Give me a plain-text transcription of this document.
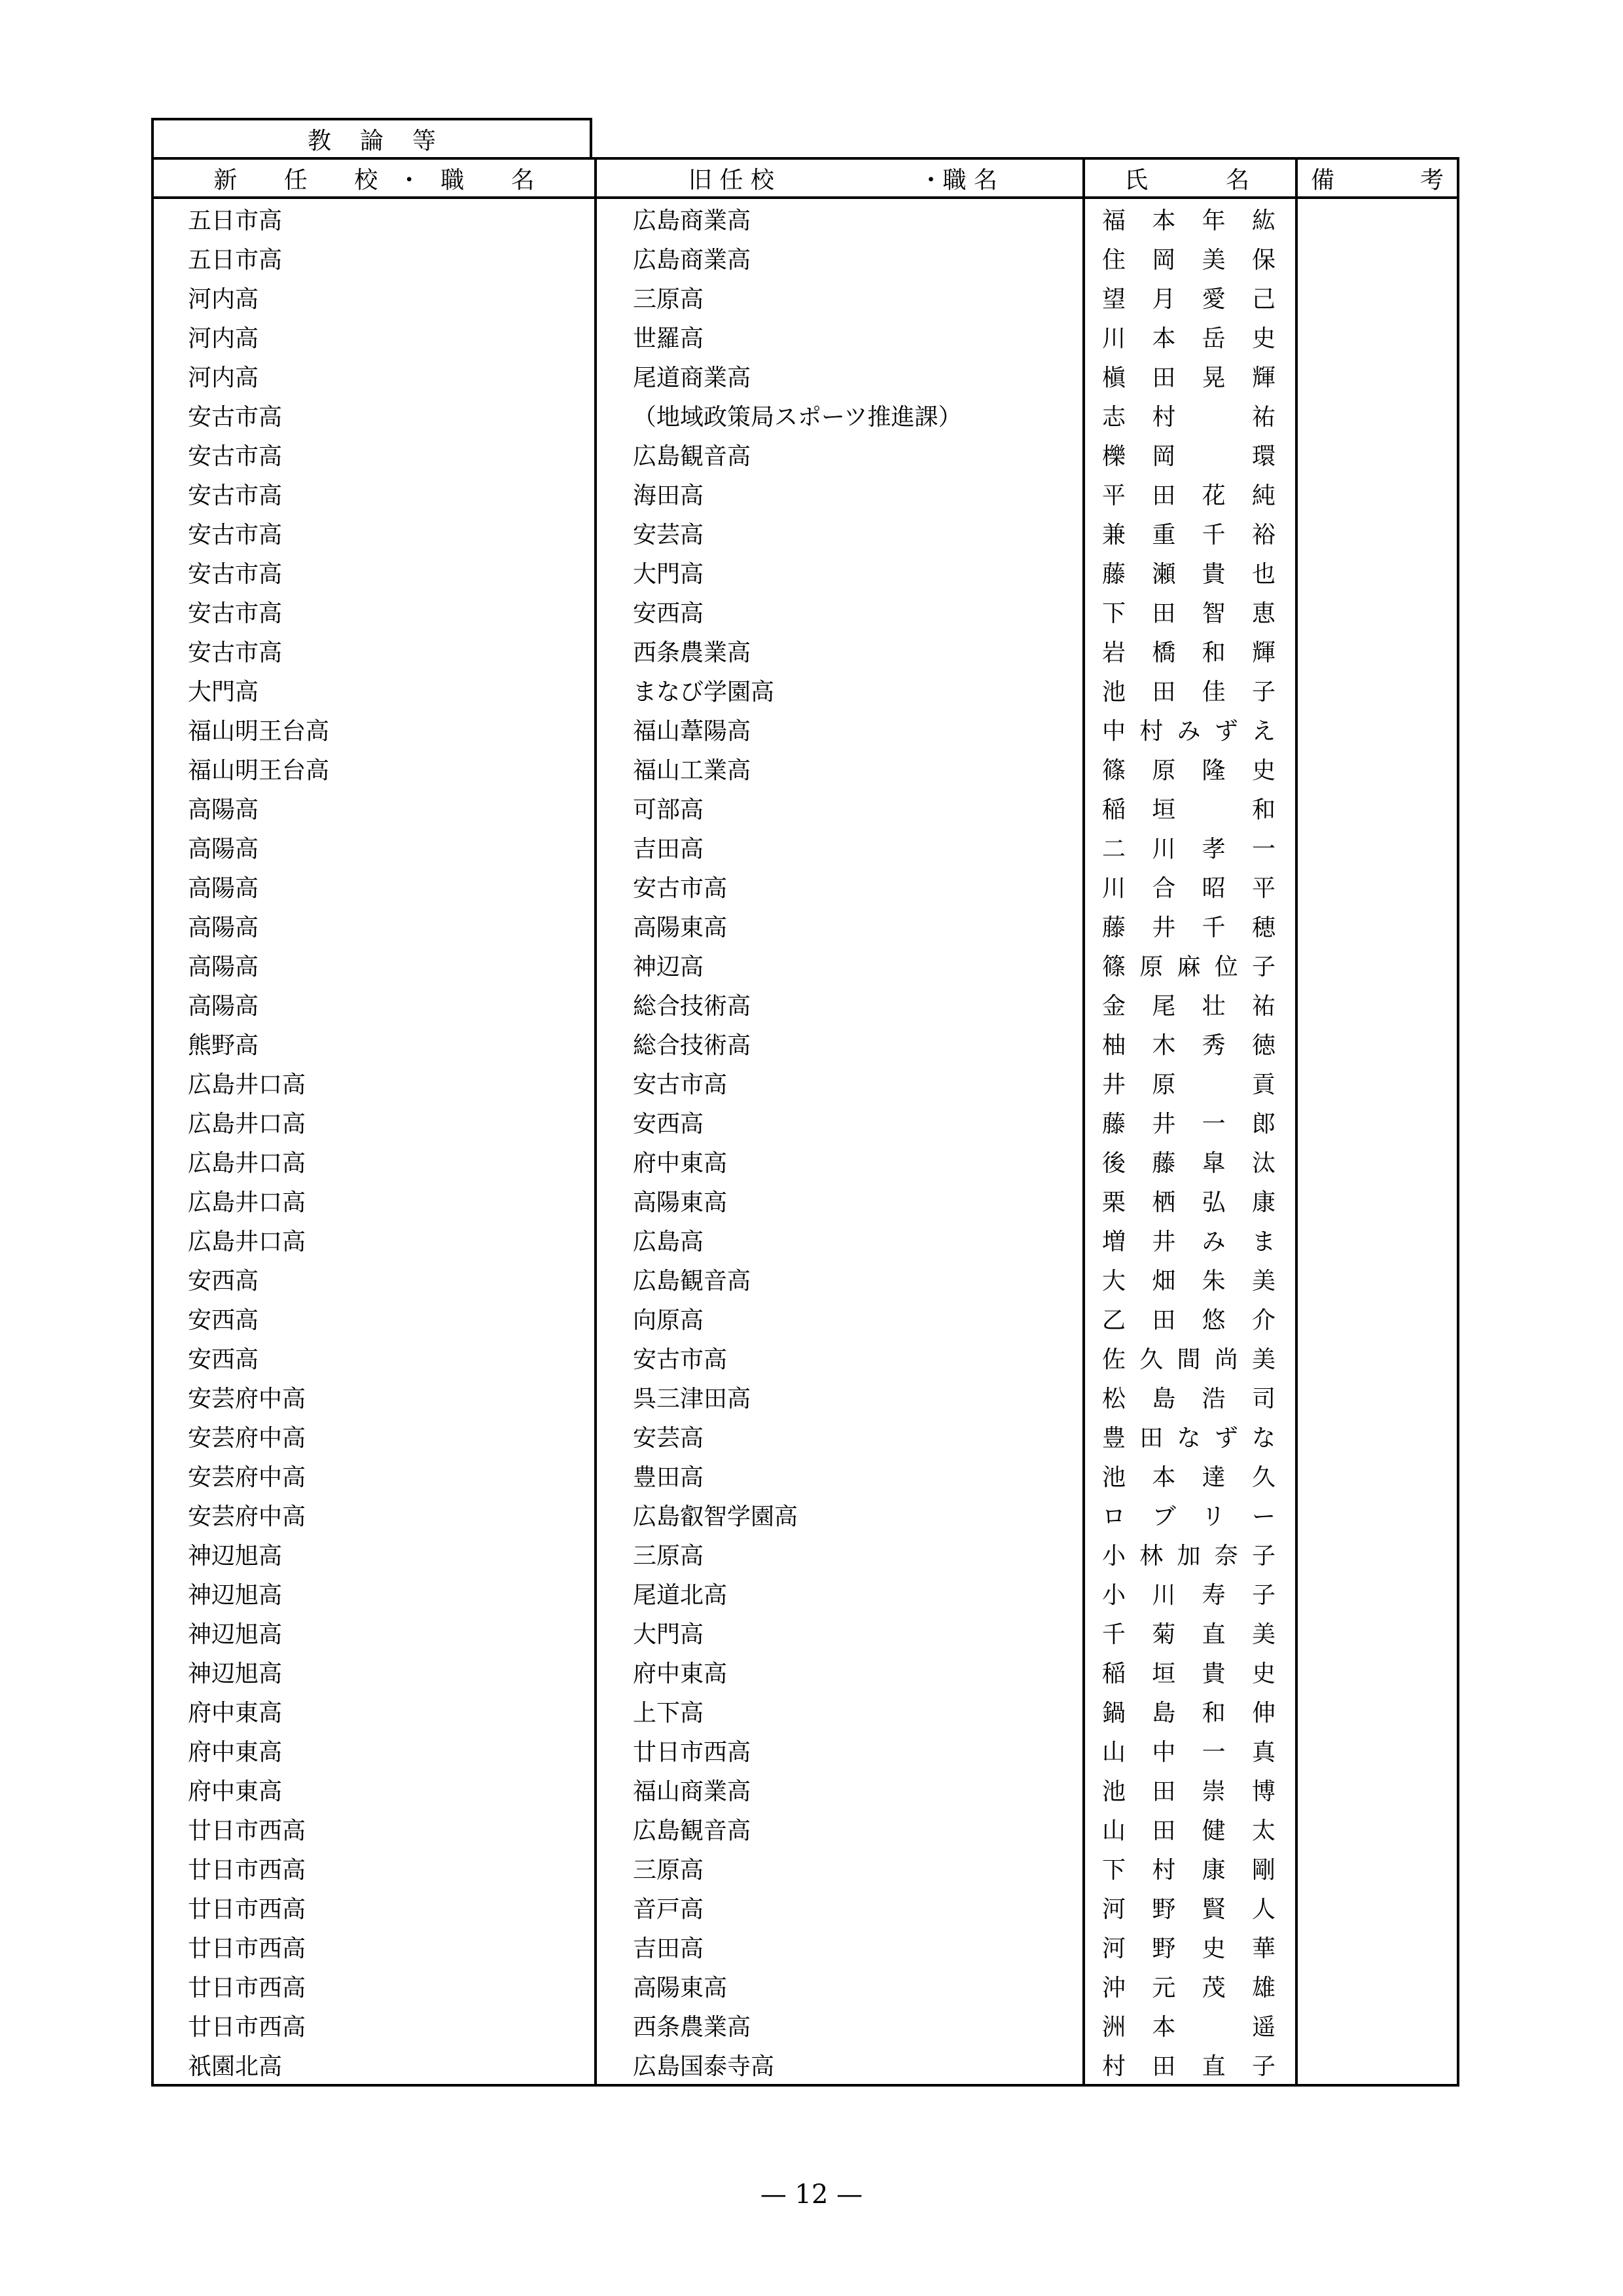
教論等
新 任 校・職 名	旧 任 校 ・職 名	氏 名	備 考

五日市高	広島商業高	福本年紘	
五日市高	広島商業高	住岡美保	
河内高	三原高	望月愛己	
河内高	世羅高	川本岳史	
河内高	尾道商業高	槇田晃輝	
安古市高	（地域政策局スポーツ推進課）	志村　祐	
安古市高	広島観音高	櫟岡　環	
安古市高	海田高	平田花純	
安古市高	安芸高	兼重千裕	
安古市高	大門高	藤瀬貴也	
安古市高	安西高	下田智恵	
安古市高	西条農業高	岩橋和輝	
大門高	まなび学園高	池田佳子	
福山明王台高	福山葦陽高	中村みずえ	
福山明王台高	福山工業高	篠原隆史	
高陽高	可部高	稲垣　和	
高陽高	吉田高	二川孝一	
高陽高	安古市高	川合昭平	
高陽高	高陽東高	藤井千穂	
高陽高	神辺高	篠原麻位子	
高陽高	総合技術高	金尾壮祐	
熊野高	総合技術高	柚木秀徳	
広島井口高	安古市高	井原　貢	
広島井口高	安西高	藤井一郎	
広島井口高	府中東高	後藤皐汰	
広島井口高	高陽東高	栗栖弘康	
広島井口高	広島高	増井みま	
安西高	広島観音高	大畑朱美	
安西高	向原高	乙田悠介	
安西高	安古市高	佐久間尚美	
安芸府中高	呉三津田高	松島浩司	
安芸府中高	安芸高	豊田なずな	
安芸府中高	豊田高	池本達久	
安芸府中高	広島叡智学園高	ロブリー	
神辺旭高	三原高	小林加奈子	
神辺旭高	尾道北高	小川寿子	
神辺旭高	大門高	千菊直美	
神辺旭高	府中東高	稲垣貴史	
府中東高	上下高	鍋島和伸	
府中東高	廿日市西高	山中一真	
府中東高	福山商業高	池田崇博	
廿日市西高	広島観音高	山田健太	
廿日市西高	三原高	下村康剛	
廿日市西高	音戸高	河野賢人	
廿日市西高	吉田高	河野史華	
廿日市西高	高陽東高	沖元茂雄	
廿日市西高	西条農業高	洲本　遥	
祇園北高	広島国泰寺高	村田直子	
— 12 —
